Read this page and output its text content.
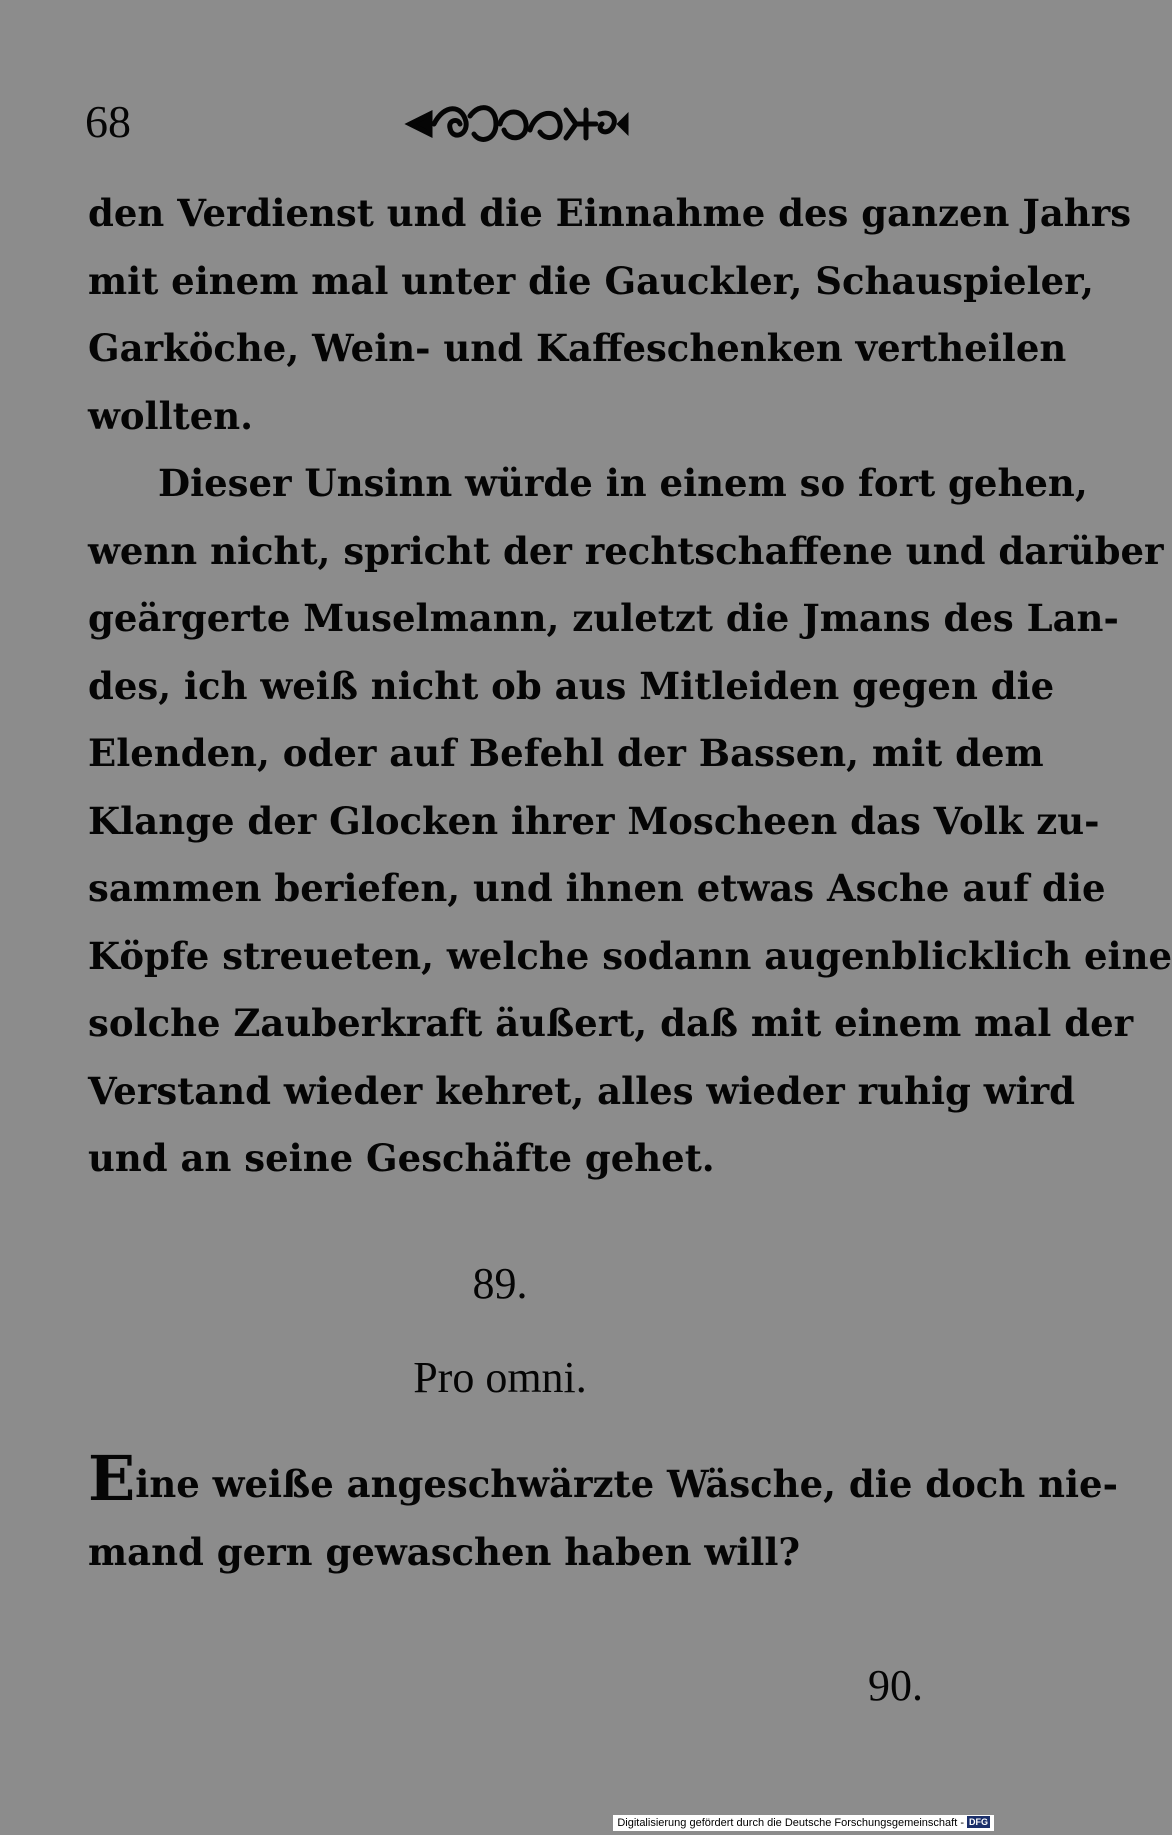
68
den Verdienst und die Einnahme des ganzen Jahrs
mit einem mal unter die Gauckler, Schauspieler,
Garköche, Wein- und Kaffeschenken vertheilen
wollten.
Dieser Unsinn würde in einem so fort gehen,
wenn nicht, spricht der rechtschaffene und darüber
geärgerte Muselmann, zuletzt die Jmans des Lan-
des, ich weiß nicht ob aus Mitleiden gegen die
Elenden, oder auf Befehl der Bassen, mit dem
Klange der Glocken ihrer Moscheen das Volk zu-
sammen beriefen, und ihnen etwas Asche auf die
Köpfe streueten, welche sodann augenblicklich eine
solche Zauberkraft äußert, daß mit einem mal der
Verstand wieder kehret, alles wieder ruhig wird
und an seine Geschäfte gehet.
89.
Pro omni.
Eine weiße angeschwärzte Wäsche, die doch nie-
mand gern gewaschen haben will?
90.
Digitalisierung gefördert durch die Deutsche Forschungsgemeinschaft - DFG
